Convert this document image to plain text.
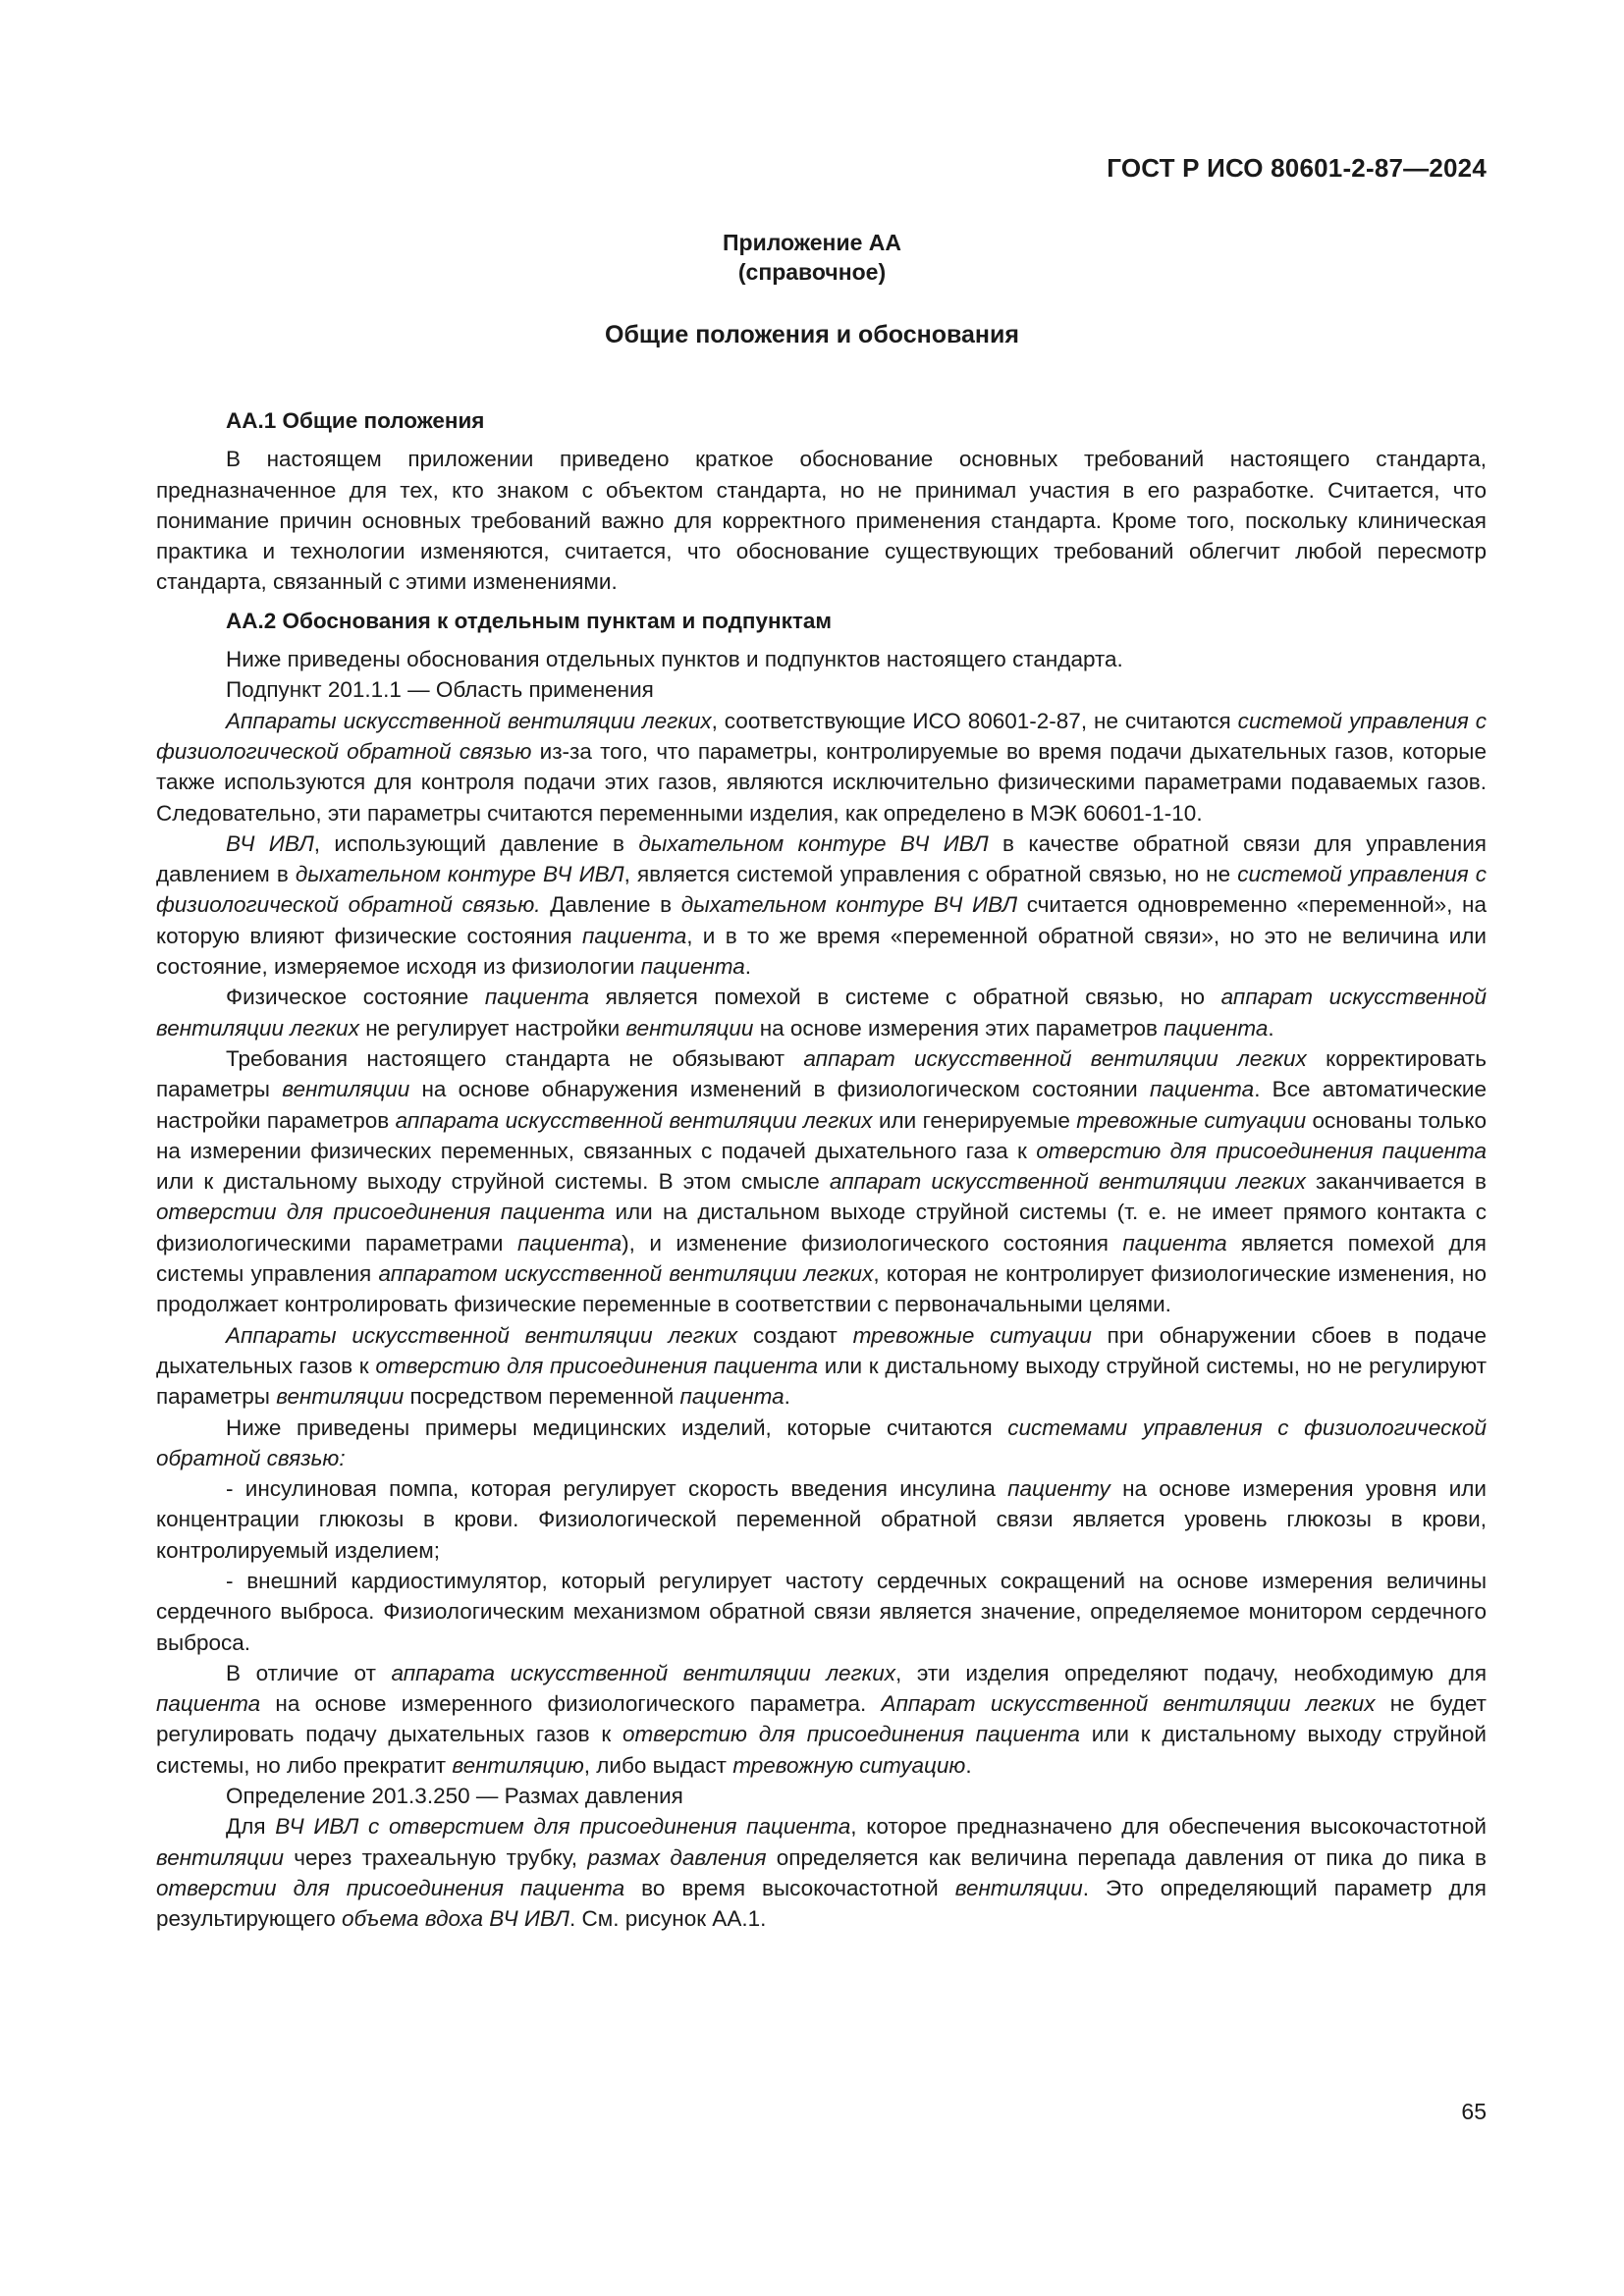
ГОСТ Р ИСО 80601-2-87—2024
Приложение АА
(справочное)
Общие положения и обоснования

АА.1 Общие положения

В настоящем приложении приведено краткое обоснование основных требований настоящего стандарта, предназначенное для тех, кто знаком с объектом стандарта, но не принимал участия в его разработке. Считается, что понимание причин основных требований важно для корректного применения стандарта. Кроме того, поскольку клиническая практика и технологии изменяются, считается, что обоснование существующих требований облегчит любой пересмотр стандарта, связанный с этими изменениями.

АА.2 Обоснования к отдельным пунктам и подпунктам

Ниже приведены обоснования отдельных пунктов и подпунктов настоящего стандарта.

Подпункт 201.1.1 — Область применения

Аппараты искусственной вентиляции легких, соответствующие ИСО 80601-2-87, не считаются системой управления с физиологической обратной связью из-за того, что параметры, контролируемые во время подачи дыхательных газов, которые также используются для контроля подачи этих газов, являются исключительно физическими параметрами подаваемых газов. Следовательно, эти параметры считаются переменными изделия, как определено в МЭК 60601-1-10.

ВЧ ИВЛ, использующий давление в дыхательном контуре ВЧ ИВЛ в качестве обратной связи для управления давлением в дыхательном контуре ВЧ ИВЛ, является системой управления с обратной связью, но не системой управления с физиологической обратной связью. Давление в дыхательном контуре ВЧ ИВЛ считается одновременно «переменной», на которую влияют физические состояния пациента, и в то же время «переменной обратной связи», но это не величина или состояние, измеряемое исходя из физиологии пациента.

Физическое состояние пациента является помехой в системе с обратной связью, но аппарат искусственной вентиляции легких не регулирует настройки вентиляции на основе измерения этих параметров пациента.

Требования настоящего стандарта не обязывают аппарат искусственной вентиляции легких корректировать параметры вентиляции на основе обнаружения изменений в физиологическом состоянии пациента. Все автоматические настройки параметров аппарата искусственной вентиляции легких или генерируемые тревожные ситуации основаны только на измерении физических переменных, связанных с подачей дыхательного газа к отверстию для присоединения пациента или к дистальному выходу струйной системы. В этом смысле аппарат искусственной вентиляции легких заканчивается в отверстии для присоединения пациента или на дистальном выходе струйной системы (т. е. не имеет прямого контакта с физиологическими параметрами пациента), и изменение физиологического состояния пациента является помехой для системы управления аппаратом искусственной вентиляции легких, которая не контролирует физиологические изменения, но продолжает контролировать физические переменные в соответствии с первоначальными целями.

Аппараты искусственной вентиляции легких создают тревожные ситуации при обнаружении сбоев в подаче дыхательных газов к отверстию для присоединения пациента или к дистальному выходу струйной системы, но не регулируют параметры вентиляции посредством переменной пациента.

Ниже приведены примеры медицинских изделий, которые считаются системами управления с физиологической обратной связью:

- инсулиновая помпа, которая регулирует скорость введения инсулина пациенту на основе измерения уровня или концентрации глюкозы в крови. Физиологической переменной обратной связи является уровень глюкозы в крови, контролируемый изделием;

- внешний кардиостимулятор, который регулирует частоту сердечных сокращений на основе измерения величины сердечного выброса. Физиологическим механизмом обратной связи является значение, определяемое монитором сердечного выброса.

В отличие от аппарата искусственной вентиляции легких, эти изделия определяют подачу, необходимую для пациента на основе измеренного физиологического параметра. Аппарат искусственной вентиляции легких не будет регулировать подачу дыхательных газов к отверстию для присоединения пациента или к дистальному выходу струйной системы, но либо прекратит вентиляцию, либо выдаст тревожную ситуацию.

Определение 201.3.250 — Размах давления

Для ВЧ ИВЛ с отверстием для присоединения пациента, которое предназначено для обеспечения высокочастотной вентиляции через трахеальную трубку, размах давления определяется как величина перепада давления от пика до пика в отверстии для присоединения пациента во время высокочастотной вентиляции. Это определяющий параметр для результирующего объема вдоха ВЧ ИВЛ. См. рисунок АА.1.

65
